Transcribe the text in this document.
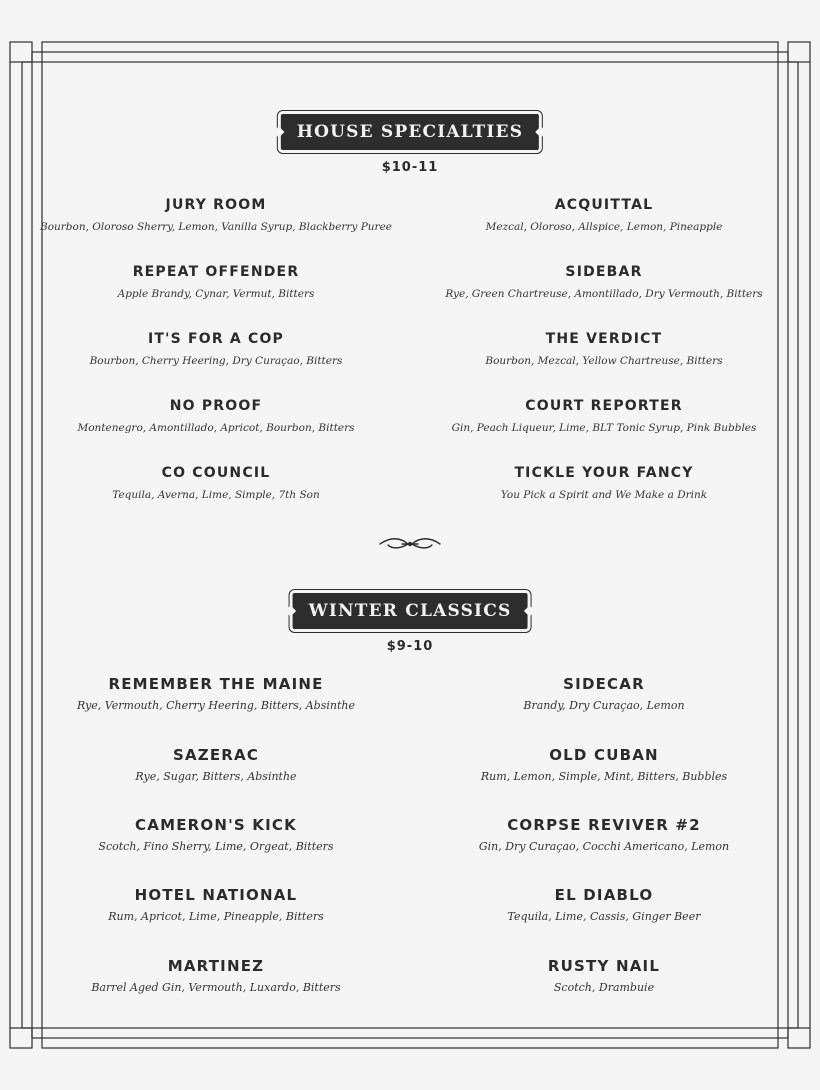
HOUSE SPECIALTIES
$10-11
JURY ROOM
Bourbon, Oloroso Sherry, Lemon, Vanilla Syrup, Blackberry Puree
REPEAT OFFENDER
Apple Brandy, Cynar, Vermut, Bitters
IT'S FOR A COP
Bourbon, Cherry Heering, Dry Curaçao, Bitters
NO PROOF
Montenegro, Amontillado, Apricot, Bourbon, Bitters
CO COUNCIL
Tequila, Averna, Lime, Simple, 7th Son
ACQUITTAL
Mezcal, Oloroso, Allspice, Lemon, Pineapple
SIDEBAR
Rye, Green Chartreuse, Amontillado, Dry Vermouth, Bitters
THE VERDICT
Bourbon, Mezcal, Yellow Chartreuse, Bitters
COURT REPORTER
Gin, Peach Liqueur, Lime, BLT Tonic Syrup, Pink Bubbles
TICKLE YOUR FANCY
You Pick a Spirit and We Make a Drink
WINTER CLASSICS
$9-10
REMEMBER THE MAINE
Rye, Vermouth, Cherry Heering, Bitters, Absinthe
SAZERAC
Rye, Sugar, Bitters, Absinthe
CAMERON'S KICK
Scotch, Fino Sherry, Lime, Orgeat, Bitters
HOTEL NATIONAL
Rum, Apricot, Lime, Pineapple, Bitters
MARTINEZ
Barrel Aged Gin, Vermouth, Luxardo, Bitters
SIDECAR
Brandy, Dry Curaçao, Lemon
OLD CUBAN
Rum, Lemon, Simple, Mint, Bitters, Bubbles
CORPSE REVIVER #2
Gin, Dry Curaçao, Cocchi Americano, Lemon
EL DIABLO
Tequila, Lime, Cassis, Ginger Beer
RUSTY NAIL
Scotch, Drambuie
